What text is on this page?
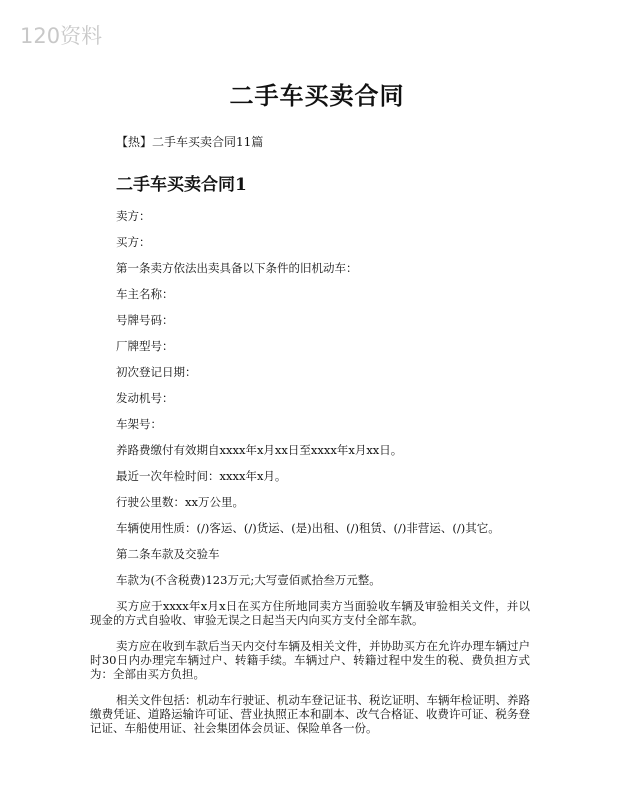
120资料
二手车买卖合同
【热】二手车买卖合同11篇
二手车买卖合同1

卖方：

买方：

第一条卖方依法出卖具备以下条件的旧机动车：

车主名称：

号牌号码：

厂牌型号：

初次登记日期：

发动机号：

车架号：

养路费缴付有效期自xxxx年x月xx日至xxxx年x月xx日。

最近一次年检时间：xxxx年x月。

行驶公里数：xx万公里。

车辆使用性质：(/)客运、(/)货运、(是)出租、(/)租赁、(/)非营运、(/)其它。

第二条车款及交验车

车款为(不含税费)123万元;大写壹佰贰拾叁万元整。

买方应于xxxx年x月x日在买方住所地同卖方当面验收车辆及审验相关文件，并以现金的方式自验收、审验无误之日起当天内向买方支付全部车款。

卖方应在收到车款后当天内交付车辆及相关文件，并协助买方在允许办理车辆过户时30日内办理完车辆过户、转籍手续。车辆过户、转籍过程中发生的税、费负担方式为：全部由买方负担。

相关文件包括：机动车行驶证、机动车登记证书、税讫证明、车辆年检证明、养路缴费凭证、道路运输许可证、营业执照正本和副本、改气合格证、收费许可证、税务登记证、车船使用证、社会集团体会员证、保险单各一份。
